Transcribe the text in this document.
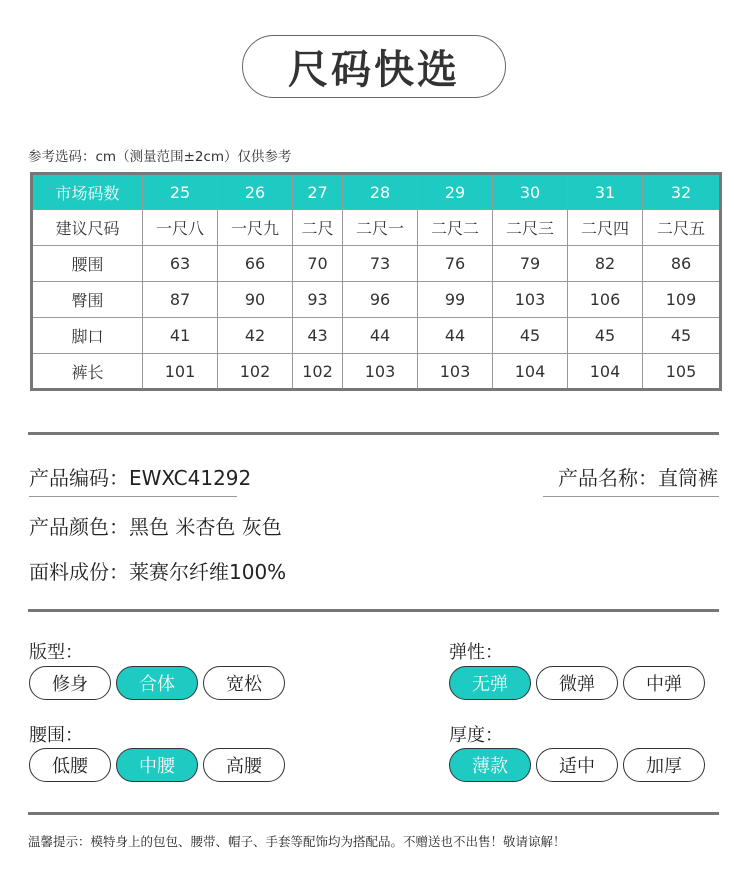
尺码快选
参考选码：cm（测量范围±2cm）仅供参考
市场码数	25	26	27	28	29	30	31	32
建议尺码	一尺八	一尺九	二尺	二尺一	二尺二	二尺三	二尺四	二尺五
腰围	63	66	70	73	76	79	82	86
臀围	87	90	93	96	99	103	106	109
脚口	41	42	43	44	44	45	45	45
裤长	101	102	102	103	103	104	104	105
产品编码：EWXC41292	产品名称：直筒裤
产品颜色：黑色 米杏色 灰色
面料成份：莱赛尔纤维100%
版型：
修身	合体	宽松
弹性：
无弹	微弹	中弹
腰围：
低腰	中腰	高腰
厚度：
薄款	适中	加厚
温馨提示：模特身上的包包、腰带、帽子、手套等配饰均为搭配品。不赠送也不出售！敬请谅解！
